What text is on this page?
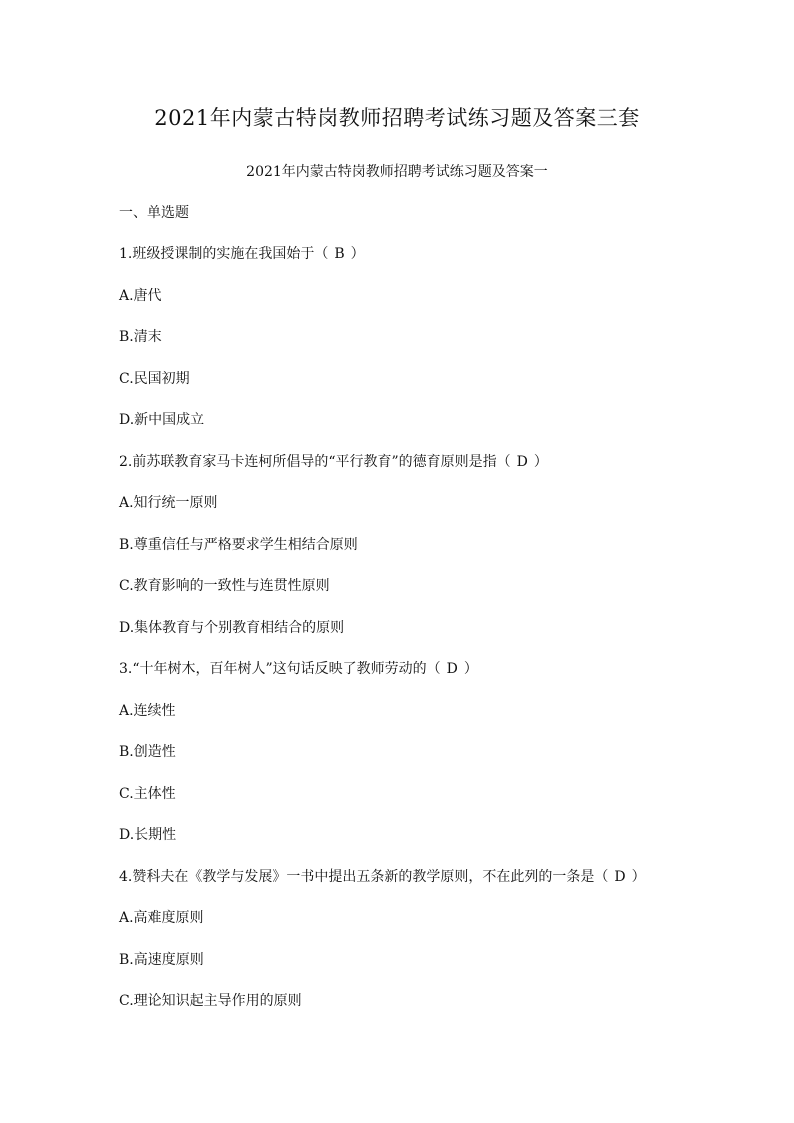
2021年内蒙古特岗教师招聘考试练习题及答案三套
2021年内蒙古特岗教师招聘考试练习题及答案一
一、单选题
1.班级授课制的实施在我国始于（ B ）
A.唐代
B.清末
C.民国初期
D.新中国成立
2.前苏联教育家马卡连柯所倡导的“平行教育”的德育原则是指（ D ）
A.知行统一原则
B.尊重信任与严格要求学生相结合原则
C.教育影响的一致性与连贯性原则
D.集体教育与个别教育相结合的原则
3.“十年树木，百年树人”这句话反映了教师劳动的（ D ）
A.连续性
B.创造性
C.主体性
D.长期性
4.赞科夫在《教学与发展》一书中提出五条新的教学原则，不在此列的一条是（ D ）
A.高难度原则
B.高速度原则
C.理论知识起主导作用的原则
